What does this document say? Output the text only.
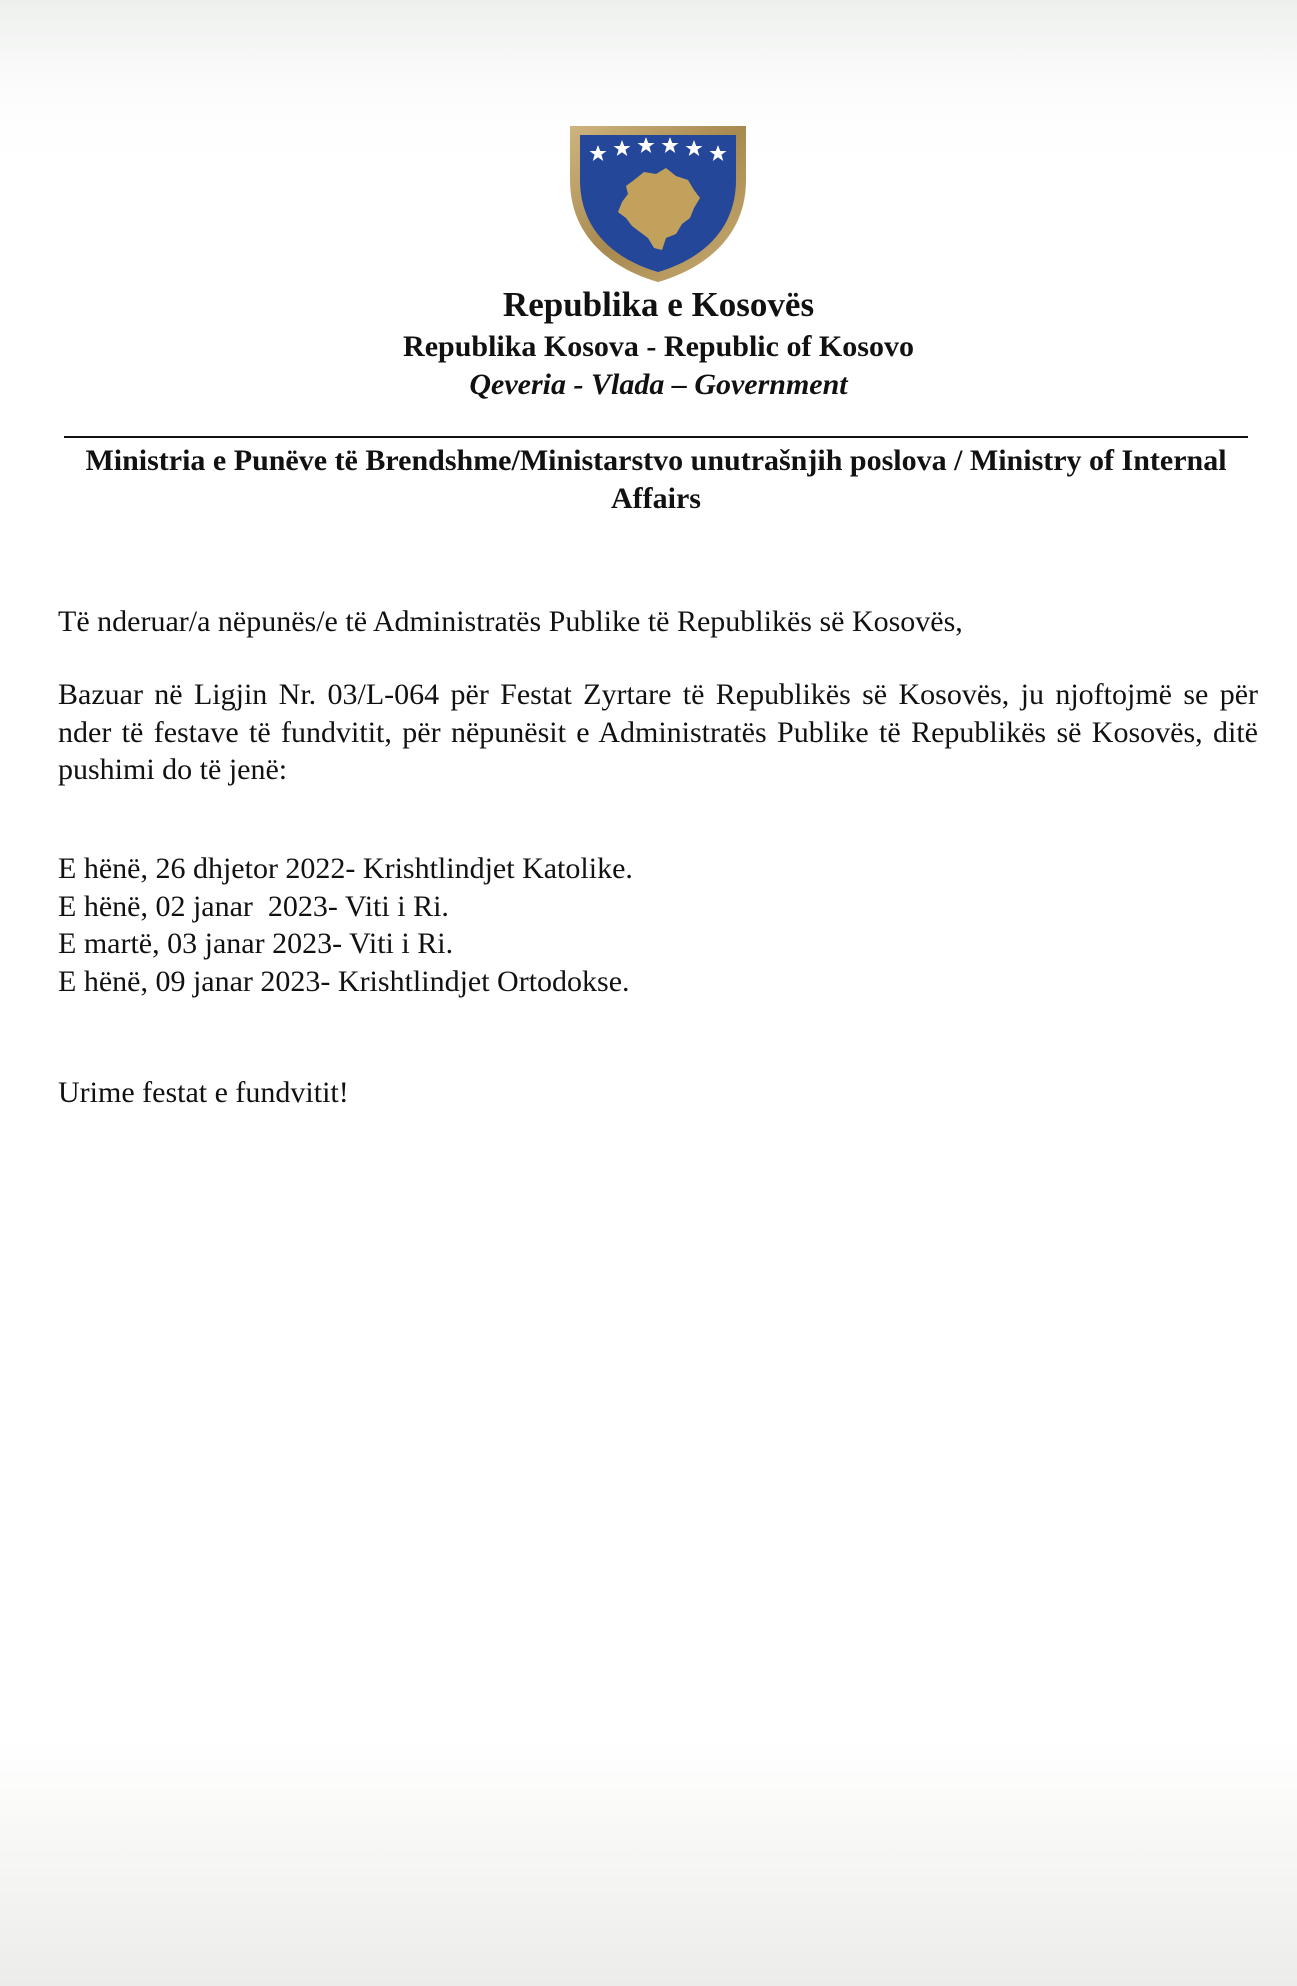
Republika e Kosovës
Republika Kosova - Republic of Kosovo
Qeveria - Vlada – Government
Ministria e Punëve të Brendshme/Ministarstvo unutrašnjih poslova / Ministry of Internal Affairs
Të nderuar/a nëpunës/e të Administratës Publike të Republikës së Kosovës,
Bazuar në Ligjin Nr. 03/L-064 për Festat Zyrtare të Republikës së Kosovës, ju njoftojmë se për nder të festave të fundvitit, për nëpunësit e Administratës Publike të Republikës së Kosovës, ditë pushimi do të jenë:
E hënë, 26 dhjetor 2022- Krishtlindjet Katolike.
E hënë, 02 janar  2023- Viti i Ri.
E martë, 03 janar 2023- Viti i Ri.
E hënë, 09 janar 2023- Krishtlindjet Ortodokse.
Urime festat e fundvitit!
